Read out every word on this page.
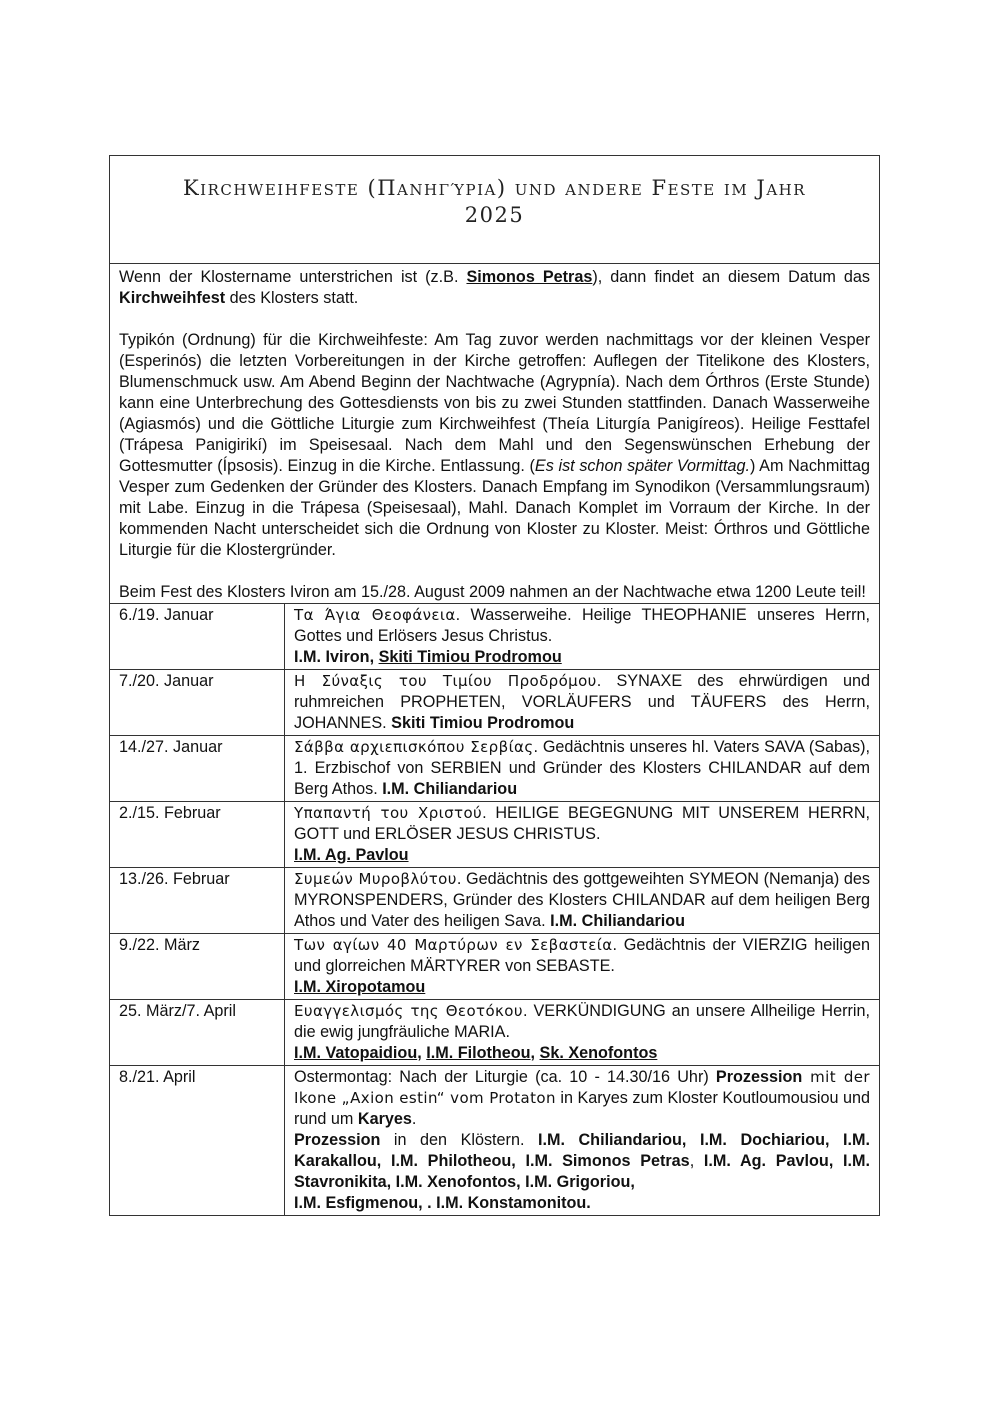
Kirchweihfeste (Πανηγύρια) und andere Feste im Jahr
2025

Wenn der Klostername unterstrichen ist (z.B. Simonos Petras), dann findet an diesem Datum das Kirchweihfest des Klosters statt.

Typikón (Ordnung) für die Kirchweihfeste: Am Tag zuvor werden nachmittags vor der kleinen Vesper (Esperinós) die letzten Vorbereitungen in der Kirche getroffen: Auflegen der Titelikone des Klosters, Blumenschmuck usw. Am Abend Beginn der Nachtwache (Agrypnía). Nach dem Órthros (Erste Stunde) kann eine Unterbrechung des Gottesdiensts von bis zu zwei Stunden stattfinden. Danach Wasserweihe (Agiasmós) und die Göttliche Liturgie zum Kirchweihfest (Theía Liturgía Panigíreos). Heilige Festtafel (Trápesa Panigirikí) im Speisesaal. Nach dem Mahl und den Segenswünschen Erhebung der Gottesmutter (Ípsosis). Einzug in die Kirche. Entlassung. (Es ist schon später Vormittag.) Am Nachmittag Vesper zum Gedenken der Gründer des Klosters. Danach Empfang im Synodikon (Versammlungsraum) mit Labe. Einzug in die Trápesa (Speisesaal), Mahl. Danach Komplet im Vorraum der Kirche. In der kommenden Nacht unterscheidet sich die Ordnung von Kloster zu Kloster. Meist: Órthros und Göttliche Liturgie für die Klostergründer.

Beim Fest des Klosters Iviron am 15./28. August 2009 nahmen an der Nachtwache etwa 1200 Leute teil!

6./19. Januar	Τα Άγια Θεοφάνεια. Wasserweihe. Heilige THEOPHANIE unseres Herrn, Gottes und Erlösers Jesus Christus.
I.M. Iviron, Skiti Timiou Prodromou
7./20. Januar	Η Σύναξις του Τιμίου Προδρόμου. SYNAXE des ehrwürdigen und ruhmreichen PROPHETEN, VORLÄUFERS und TÄUFERS des Herrn, JOHANNES. Skiti Timiou Prodromou
14./27. Januar	Σάββα αρχιεπισκόπου Σερβίας. Gedächtnis unseres hl. Vaters SAVA (Sabas), 1. Erzbischof von SERBIEN und Gründer des Klosters CHILANDAR auf dem Berg Athos. I.M. Chiliandariou
2./15. Februar	Υπαπαντή του Χριστού. HEILIGE BEGEGNUNG MIT UNSEREM HERRN, GOTT und ERLÖSER JESUS CHRISTUS.
I.M. Ag. Pavlou
13./26. Februar	Συμεών Μυροβλύτου. Gedächtnis des gottgeweihten SYMEON (Nemanja) des MYRONSPENDERS, Gründer des Klosters CHILANDAR auf dem heiligen Berg Athos und Vater des heiligen Sava. I.M. Chiliandariou
9./22. März	Των αγίων 40 Μαρτύρων εν Σεβαστεία. Gedächtnis der VIERZIG heiligen und glorreichen MÄRTYRER von SEBASTE.
I.M. Xiropotamou
25. März/7. April	Ευαγγελισμός της Θεοτόκου. VERKÜNDIGUNG an unsere Allheilige Herrin, die ewig jungfräuliche MARIA.
I.M. Vatopaidiou, I.M. Filotheou, Sk. Xenofontos
8./21. April	Ostermontag: Nach der Liturgie (ca. 10 - 14.30/16 Uhr) Prozession mit der Ikone „Axion estin“ vom Protaton in Karyes zum Kloster Koutloumousiou und rund um Karyes.
Prozession in den Klöstern. I.M. Chiliandariou, I.M. Dochiariou, I.M. Karakallou, I.M. Philotheou, I.M. Simonos Petras, I.M. Ag. Pavlou, I.M. Stavronikita, I.M. Xenofontos, I.M. Grigoriou,
I.M. Esfigmenou, . I.M. Konstamonitou.
